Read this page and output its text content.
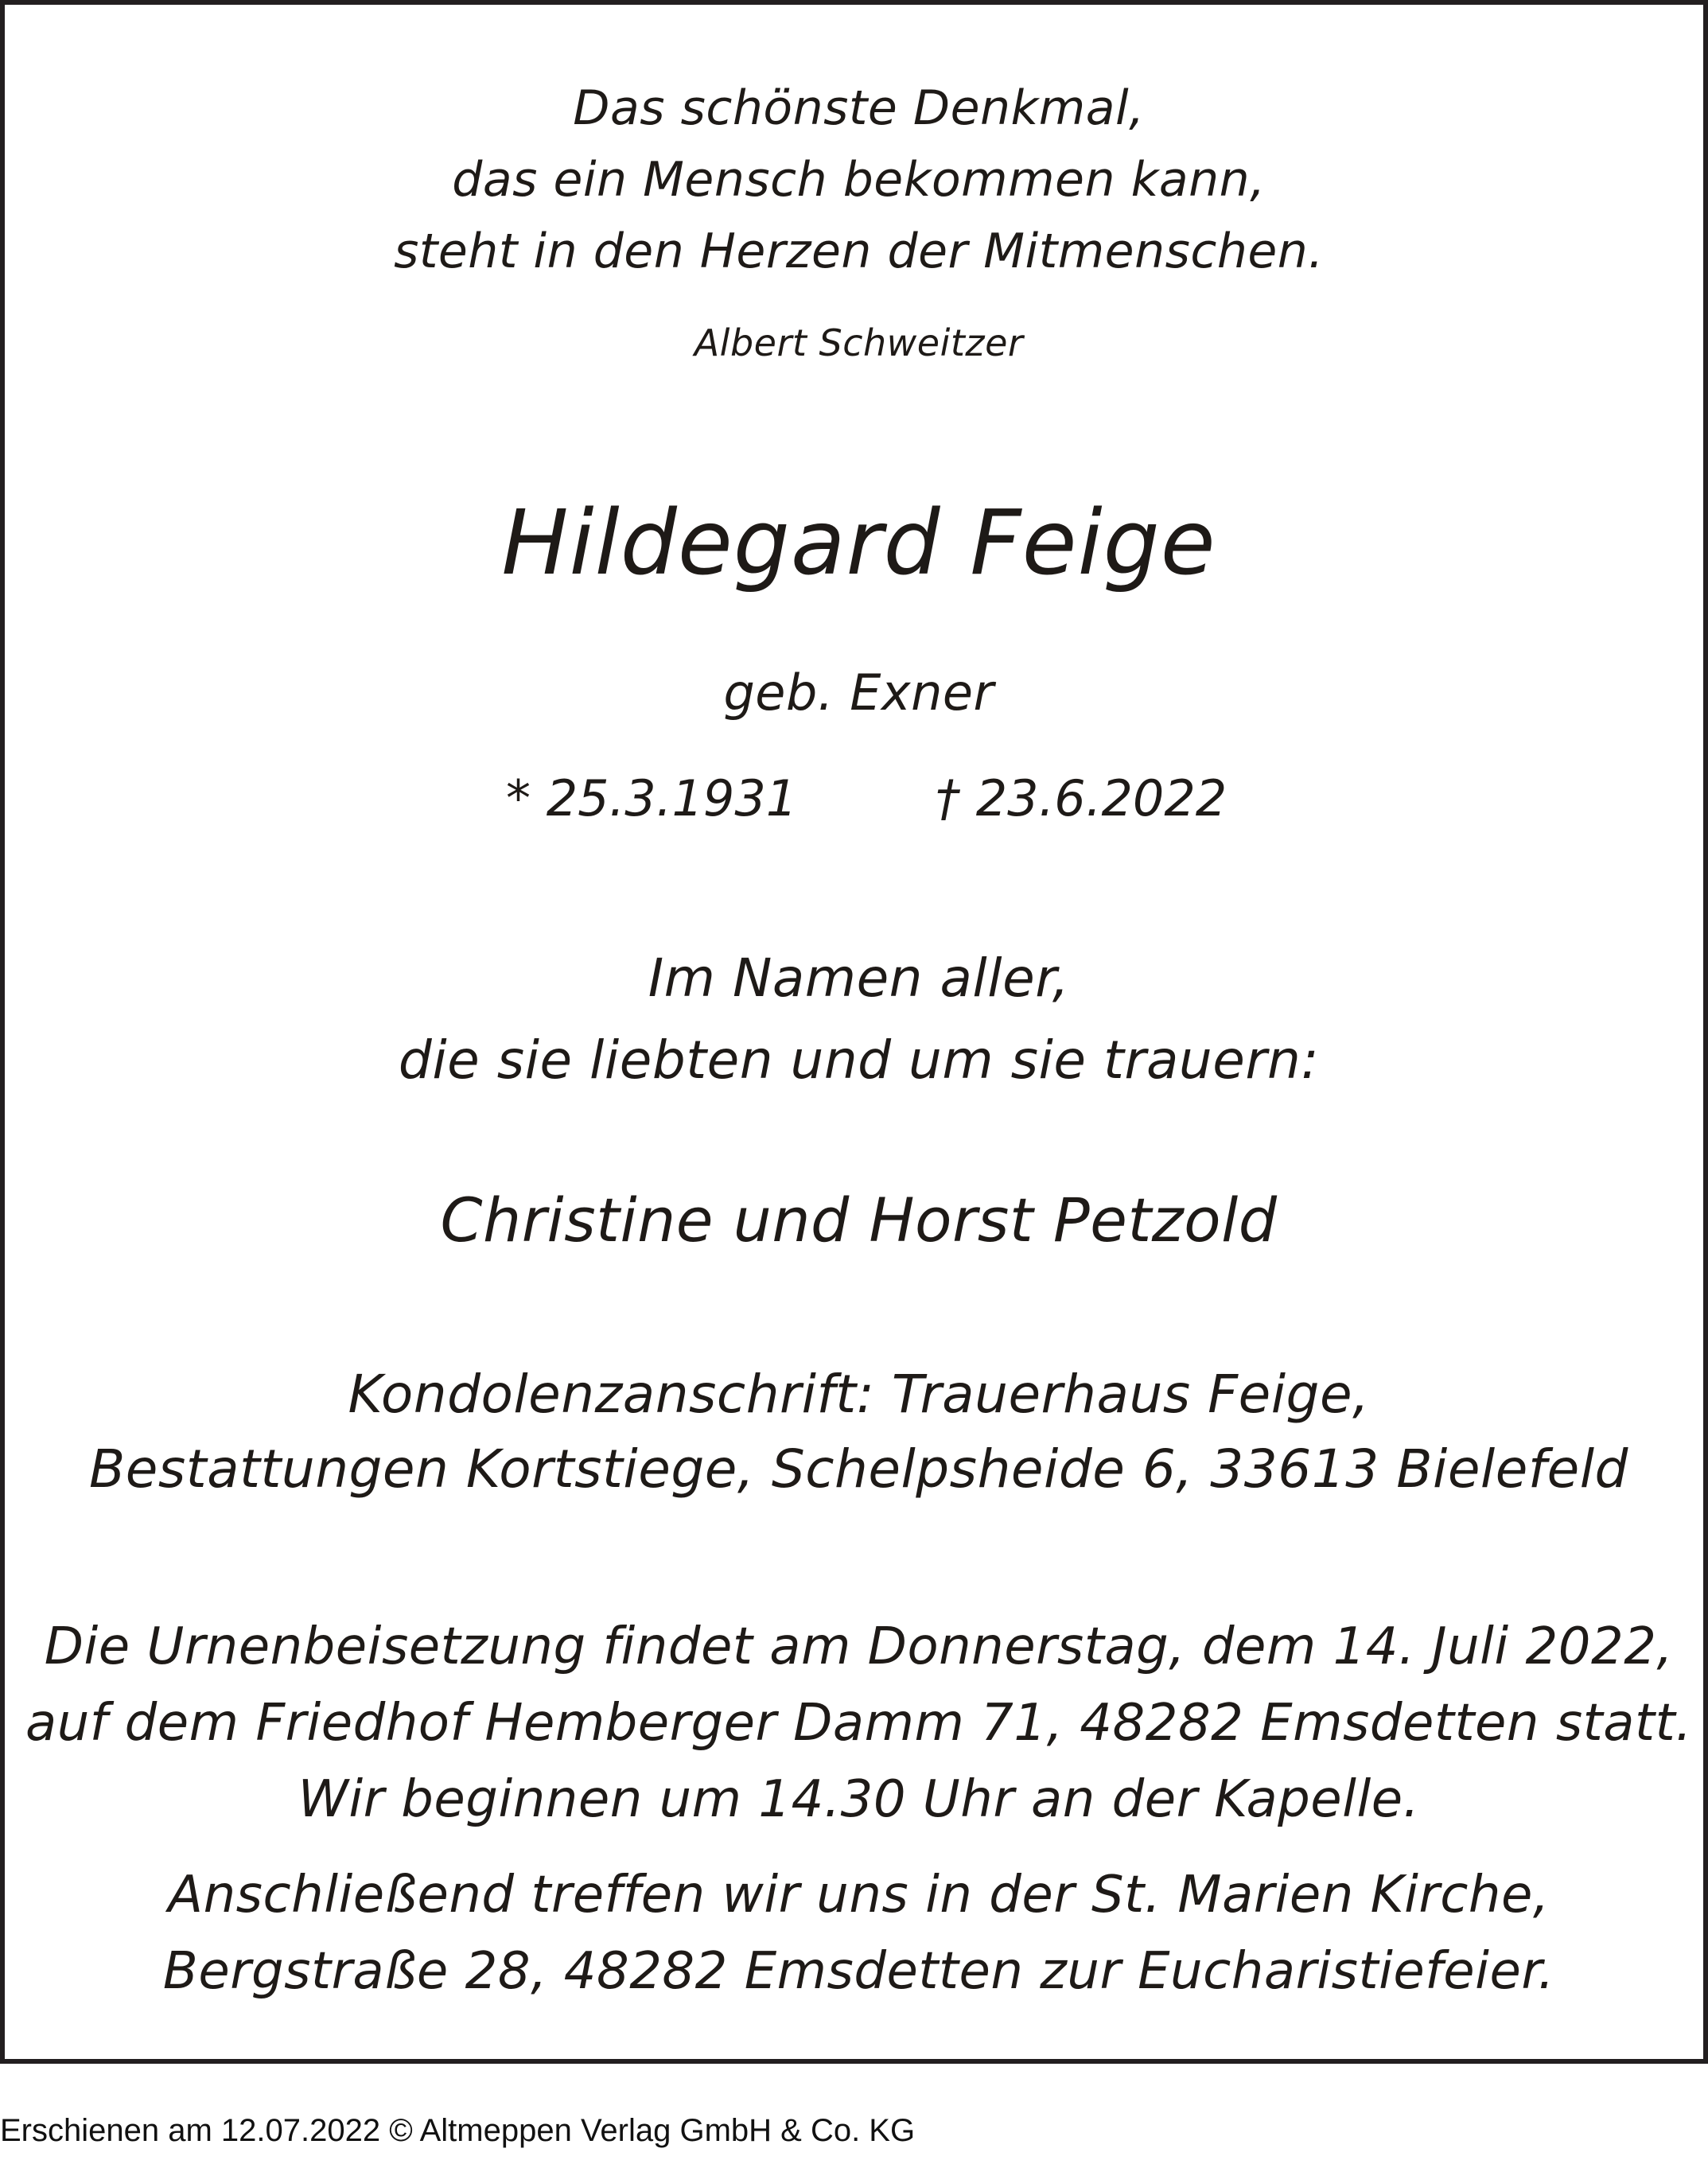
Das schönste Denkmal,
das ein Mensch bekommen kann,
steht in den Herzen der Mitmenschen.
Albert Schweitzer
Hildegard Feige
geb. Exner
* 25.3.1931	† 23.6.2022
Im Namen aller,
die sie liebten und um sie trauern:
Christine und Horst Petzold
Kondolenzanschrift: Trauerhaus Feige,
Bestattungen Kortstiege, Schelpsheide 6, 33613 Bielefeld
Die Urnenbeisetzung findet am Donnerstag, dem 14. Juli 2022,
auf dem Friedhof Hemberger Damm 71, 48282 Emsdetten statt.
Wir beginnen um 14.30 Uhr an der Kapelle.
Anschließend treffen wir uns in der St. Marien Kirche,
Bergstraße 28, 48282 Emsdetten zur Eucharistiefeier.
Erschienen am 12.07.2022 © Altmeppen Verlag GmbH & Co. KG
